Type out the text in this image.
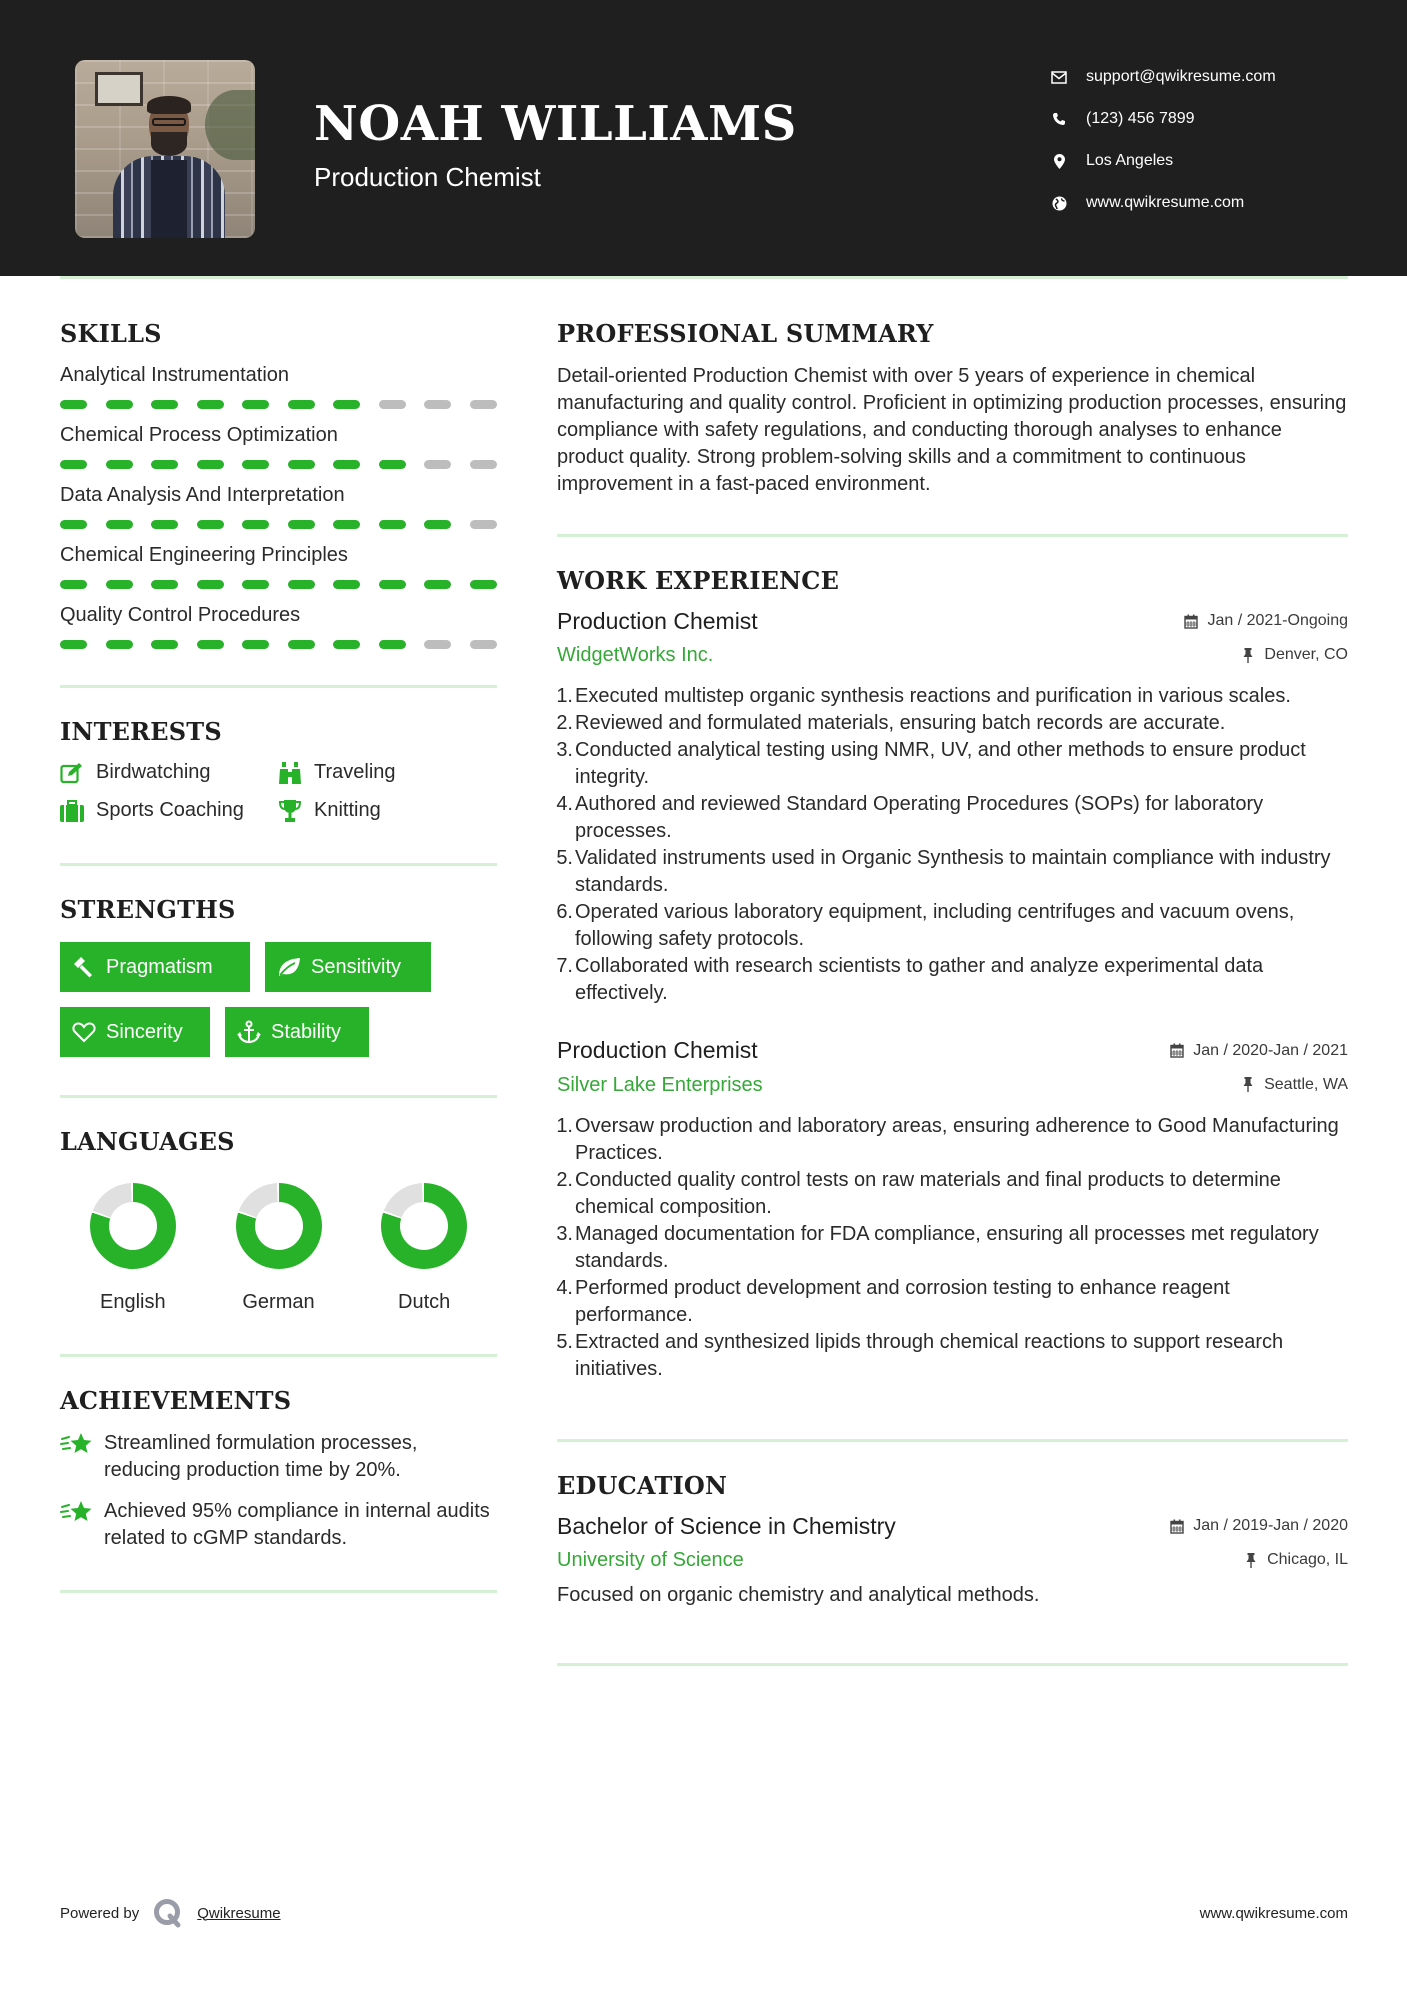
NOAH WILLIAMS
Production Chemist
support@qwikresume.com
(123) 456 7899
Los Angeles
www.qwikresume.com
SKILLS
Analytical Instrumentation
Chemical Process Optimization
Data Analysis And Interpretation
Chemical Engineering Principles
Quality Control Procedures
INTERESTS
Birdwatching	Traveling
Sports Coaching	Knitting
STRENGTHS
Pragmatism	Sensitivity
Sincerity	Stability
LANGUAGES
English	German	Dutch
ACHIEVEMENTS
Streamlined formulation processes, reducing production time by 20%.
Achieved 95% compliance in internal audits related to cGMP standards.
PROFESSIONAL SUMMARY

Detail-oriented Production Chemist with over 5 years of experience in chemical manufacturing and quality control. Proficient in optimizing production processes, ensuring compliance with safety regulations, and conducting thorough analyses to enhance product quality. Strong problem-solving skills and a commitment to continuous improvement in a fast-paced environment.

WORK EXPERIENCE
Production Chemist	Jan / 2021-Ongoing
WidgetWorks Inc.	Denver, CO
1. Executed multistep organic synthesis reactions and purification in various scales.
2. Reviewed and formulated materials, ensuring batch records are accurate.
3. Conducted analytical testing using NMR, UV, and other methods to ensure product integrity.
4. Authored and reviewed Standard Operating Procedures (SOPs) for laboratory processes.
5. Validated instruments used in Organic Synthesis to maintain compliance with industry standards.
6. Operated various laboratory equipment, including centrifuges and vacuum ovens, following safety protocols.
7. Collaborated with research scientists to gather and analyze experimental data effectively.
Production Chemist	Jan / 2020-Jan / 2021
Silver Lake Enterprises	Seattle, WA
1. Oversaw production and laboratory areas, ensuring adherence to Good Manufacturing Practices.
2. Conducted quality control tests on raw materials and final products to determine chemical composition.
3. Managed documentation for FDA compliance, ensuring all processes met regulatory standards.
4. Performed product development and corrosion testing to enhance reagent performance.
5. Extracted and synthesized lipids through chemical reactions to support research initiatives.
EDUCATION
Bachelor of Science in Chemistry	Jan / 2019-Jan / 2020
University of Science	Chicago, IL

Focused on organic chemistry and analytical methods.

Powered by	Qwikresume	www.qwikresume.com
